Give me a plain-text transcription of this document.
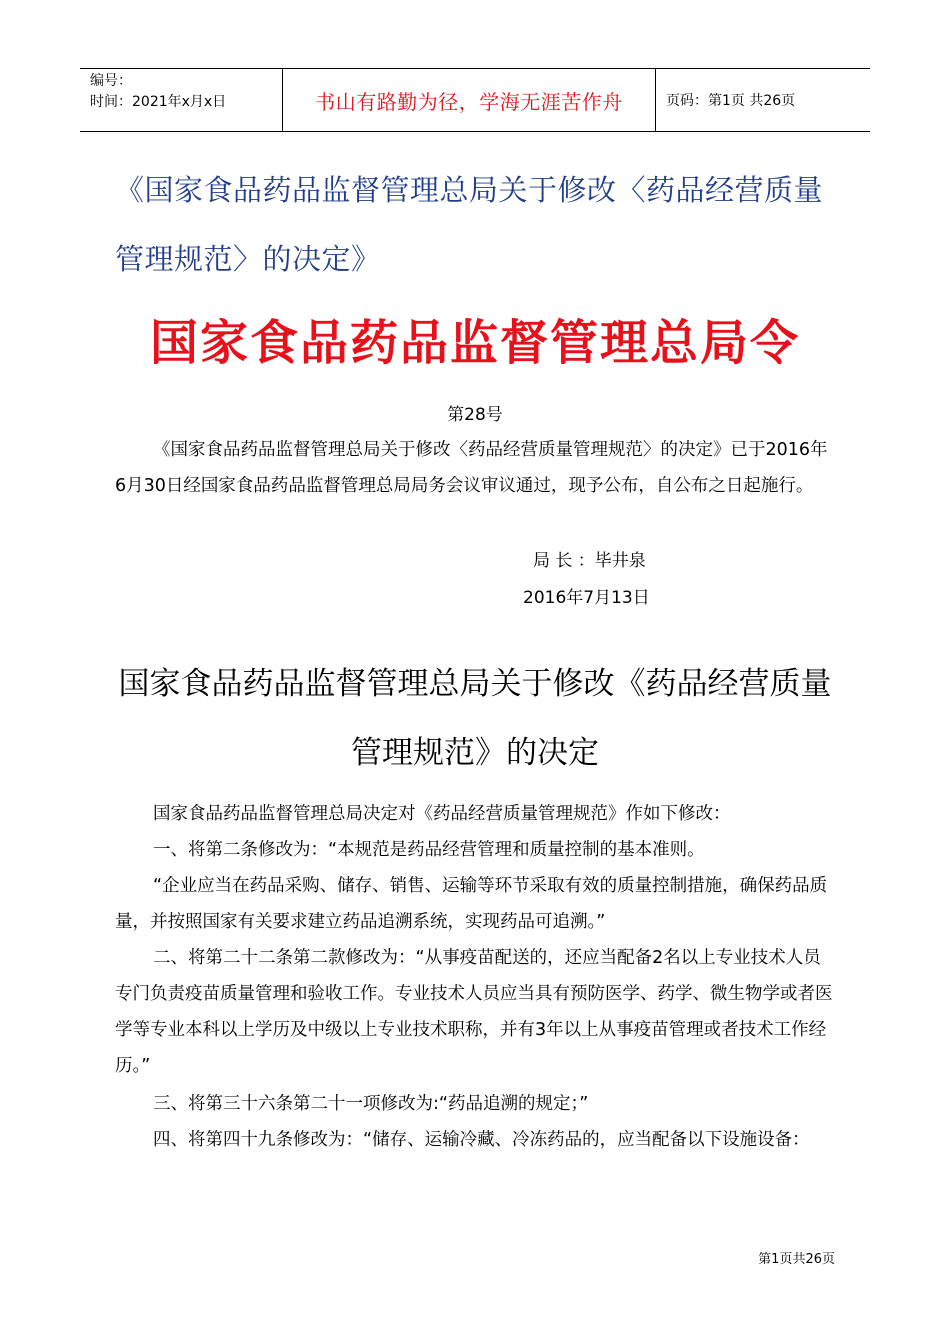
编号：
时间：2021年x月x日	书山有路勤为径，学海无涯苦作舟	页码：第1页 共26页
《国家食品药品监督管理总局关于修改〈药品经营质量管理规范〉的决定》
国家食品药品监督管理总局令
第28号
《国家食品药品监督管理总局关于修改〈药品经营质量管理规范〉的决定》已于2016年6月30日经国家食品药品监督管理总局局务会议审议通过，现予公布，自公布之日起施行。
局 长 ：毕井泉
2016年7月13日
国家食品药品监督管理总局关于修改《药品经营质量管理规范》的决定
国家食品药品监督管理总局决定对《药品经营质量管理规范》作如下修改：
一、将第二条修改为：“本规范是药品经营管理和质量控制的基本准则。
“企业应当在药品采购、储存、销售、运输等环节采取有效的质量控制措施，确保药品质量，并按照国家有关要求建立药品追溯系统，实现药品可追溯。”
二、将第二十二条第二款修改为：“从事疫苗配送的，还应当配备2名以上专业技术人员专门负责疫苗质量管理和验收工作。专业技术人员应当具有预防医学、药学、微生物学或者医学等专业本科以上学历及中级以上专业技术职称，并有3年以上从事疫苗管理或者技术工作经历。”
三、将第三十六条第二十一项修改为:“药品追溯的规定；”
四、将第四十九条修改为：“储存、运输冷藏、冷冻药品的，应当配备以下设施设备：
第1页共26页
